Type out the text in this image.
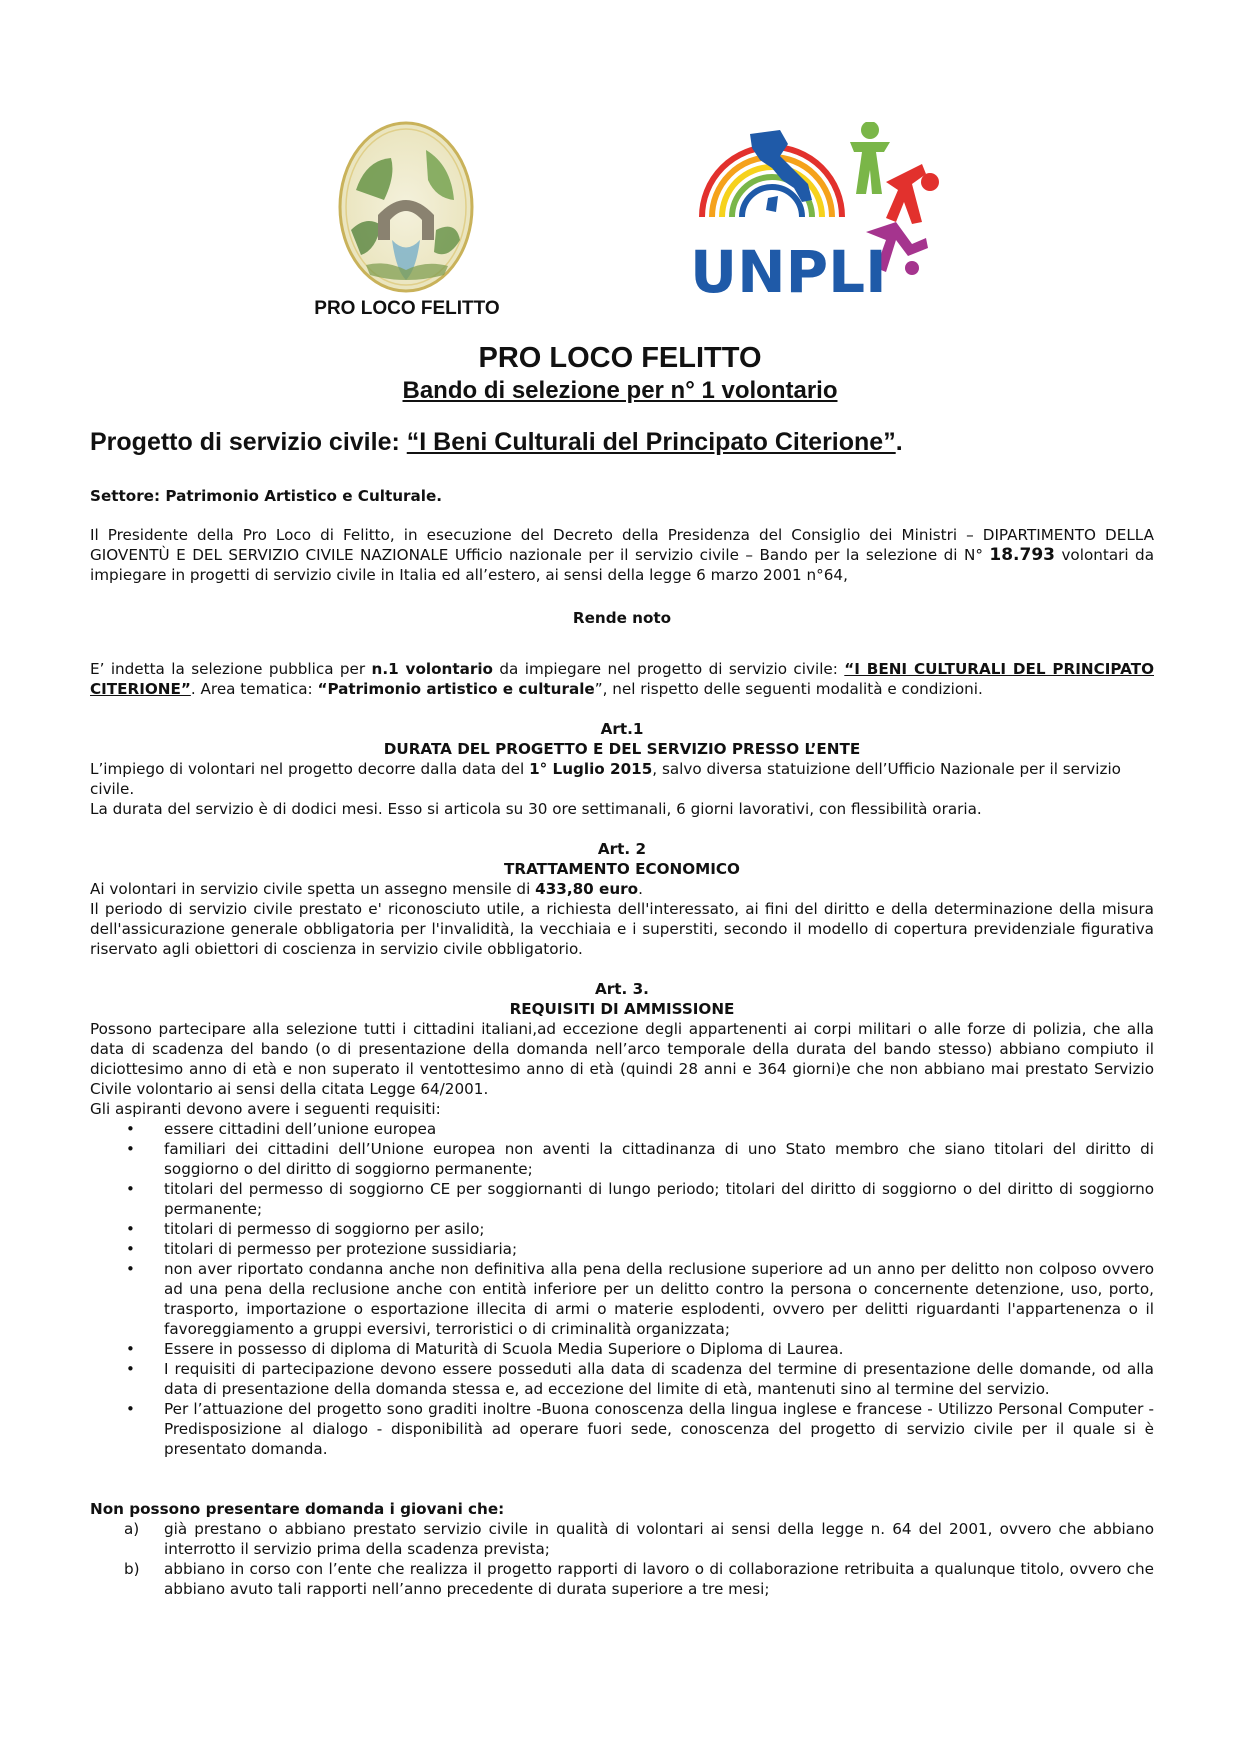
UNPLI
PRO LOCO FELITTO
PRO LOCO FELITTO
Bando di selezione per n° 1 volontario
Progetto di servizio civile: “I Beni Culturali del Principato Citerione”.
Settore: Patrimonio Artistico e Culturale.
Il Presidente della Pro Loco di Felitto, in esecuzione del Decreto della Presidenza del Consiglio dei Ministri – DIPARTIMENTO DELLA GIOVENTÙ E DEL SERVIZIO CIVILE NAZIONALE Ufficio nazionale per il servizio civile – Bando per la selezione di N° 18.793 volontari da impiegare in progetti di servizio civile in Italia ed all’estero, ai sensi della legge 6 marzo 2001 n°64,
Rende noto
E’ indetta la selezione pubblica per n.1 volontario da impiegare nel progetto di servizio civile: “I BENI CULTURALI DEL PRINCIPATO CITERIONE”. Area tematica: “Patrimonio artistico e culturale”, nel rispetto delle seguenti modalità e condizioni.
Art.1
DURATA DEL PROGETTO E DEL SERVIZIO PRESSO L’ENTE
L’impiego di volontari nel progetto decorre dalla data del 1° Luglio 2015, salvo diversa statuizione dell’Ufficio Nazionale per il servizio civile.
La durata del servizio è di dodici mesi. Esso si articola su 30 ore settimanali, 6 giorni lavorativi, con flessibilità oraria.
Art. 2
TRATTAMENTO ECONOMICO
Ai volontari in servizio civile spetta un assegno mensile di 433,80 euro.
Il periodo di servizio civile prestato e' riconosciuto utile, a richiesta dell'interessato, ai fini del diritto e della determinazione della misura dell'assicurazione generale obbligatoria per l'invalidità, la vecchiaia e i superstiti, secondo il modello di copertura previdenziale figurativa riservato agli obiettori di coscienza in servizio civile obbligatorio.
Art. 3.
REQUISITI DI AMMISSIONE
Possono partecipare alla selezione tutti i cittadini italiani,ad eccezione degli appartenenti ai corpi militari o alle forze di polizia, che alla data di scadenza del bando (o di presentazione della domanda nell’arco temporale della durata del bando stesso) abbiano compiuto il diciottesimo anno di età e non superato il ventottesimo anno di età (quindi 28 anni e 364 giorni)e che non abbiano mai prestato Servizio Civile volontario ai sensi della citata Legge 64/2001.
Gli aspiranti devono avere i seguenti requisiti:
• essere cittadini dell’unione europea
• familiari dei cittadini dell’Unione europea non aventi la cittadinanza di uno Stato membro che siano titolari del diritto di soggiorno o del diritto di soggiorno permanente;
• titolari del permesso di soggiorno CE per soggiornanti di lungo periodo; titolari del diritto di soggiorno o del diritto di soggiorno permanente;
• titolari di permesso di soggiorno per asilo;
• titolari di permesso per protezione sussidiaria;
• non aver riportato condanna anche non definitiva alla pena della reclusione superiore ad un anno per delitto non colposo ovvero ad una pena della reclusione anche con entità inferiore per un delitto contro la persona o concernente detenzione, uso, porto, trasporto, importazione o esportazione illecita di armi o materie esplodenti, ovvero per delitti riguardanti l'appartenenza o il favoreggiamento a gruppi eversivi, terroristici o di criminalità organizzata;
• Essere in possesso di diploma di Maturità di Scuola Media Superiore o Diploma di Laurea.
• I requisiti di partecipazione devono essere posseduti alla data di scadenza del termine di presentazione delle domande, od alla data di presentazione della domanda stessa e, ad eccezione del limite di età, mantenuti sino al termine del servizio.
• Per l’attuazione del progetto sono graditi inoltre -Buona conoscenza della lingua inglese e francese - Utilizzo Personal Computer - Predisposizione al dialogo - disponibilità ad operare fuori sede, conoscenza del progetto di servizio civile per il quale si è presentato domanda.
Non possono presentare domanda i giovani che:
a) già prestano o abbiano prestato servizio civile in qualità di volontari ai sensi della legge n. 64 del 2001, ovvero che abbiano interrotto il servizio prima della scadenza prevista;
b) abbiano in corso con l’ente che realizza il progetto rapporti di lavoro o di collaborazione retribuita a qualunque titolo, ovvero che abbiano avuto tali rapporti nell’anno precedente di durata superiore a tre mesi;
